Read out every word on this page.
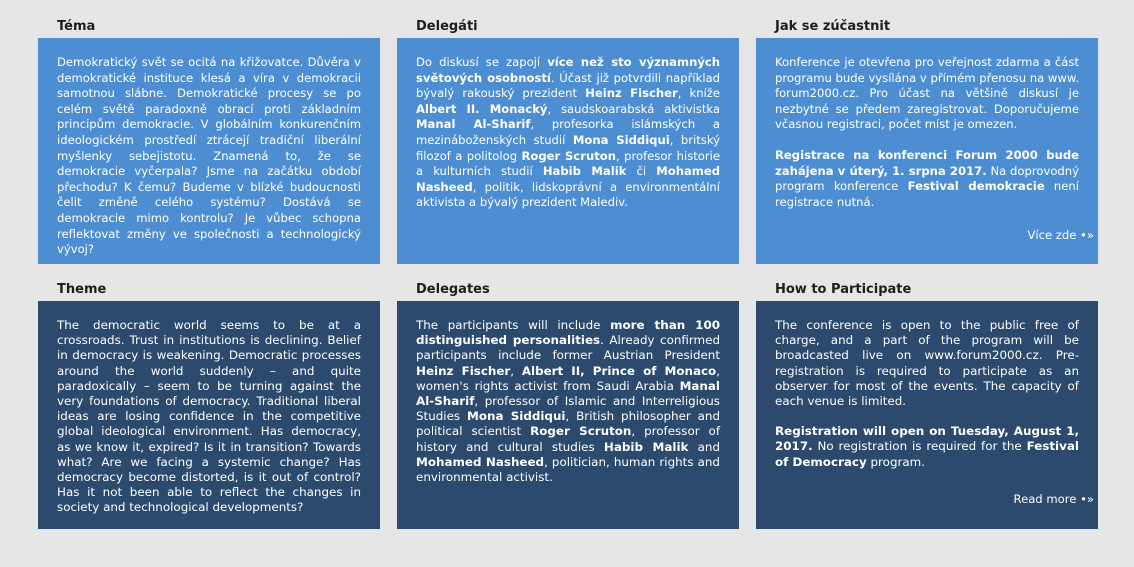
Téma

Demokratický svět se ocitá na křižovatce. Důvěra v demokratické instituce klesá a víra v demokracii samotnou slábne. Demokratické procesy se po celém světě paradoxně obrací proti základním principům demokracie. V globálním konkurenčním ideologickém prostředí ztrácejí tradiční liberální myšlenky sebejistotu. Znamená to, že se demokracie vyčerpala? Jsme na začátku období přechodu? K čemu? Budeme v blízké budoucnosti čelit změně celého systému? Dostává se demokracie mimo kontrolu? Je vůbec schopna reflektovat změny ve společnosti a technologický vývoj?

Delegáti

Do diskusí se zapojí více než sto významných světových osobností. Účast již potvrdili například bývalý rakouský prezident Heinz Fischer, kníže Albert II. Monacký, saudskoarabská aktivistka Manal Al-Sharif, profesorka islámských a mezináboženských studií Mona Siddiqui, britský filozof a politolog Roger Scruton, profesor historie a kulturních studií Habib Malik či Mohamed Nasheed, politik, lidskoprávní a environmentální aktivista a bývalý prezident Malediv.

Jak se zúčastnit

Konference je otevřena pro veřejnost zdarma a část programu bude vysílána v přímém přenosu na www. forum2000.cz. Pro účast na většině diskusí je nezbytné se předem zaregistrovat. Doporučujeme včasnou registraci, počet míst je omezen.

Registrace na konferenci Forum 2000 bude zahájena v úterý, 1. srpna 2017. Na doprovodný program konference Festival demokracie není registrace nutná.

Více zde •»
Theme

The democratic world seems to be at a crossroads. Trust in institutions is declining. Belief in democracy is weakening. Democratic processes around the world suddenly – and quite paradoxically – seem to be turning against the very foundations of democracy. Traditional liberal ideas are losing confidence in the competitive global ideological environment. Has democracy, as we know it, expired? Is it in transition? Towards what? Are we facing a systemic change? Has democracy become distorted, is it out of control? Has it not been able to reflect the changes in society and technological developments?

Delegates

The participants will include more than 100 distinguished personalities. Already confirmed participants include former Austrian President Heinz Fischer, Albert II, Prince of Monaco, women's rights activist from Saudi Arabia Manal Al-Sharif, professor of Islamic and Interreligious Studies Mona Siddiqui, British philosopher and political scientist Roger Scruton, professor of history and cultural studies Habib Malik and Mohamed Nasheed, politician, human rights and environmental activist.

How to Participate

The conference is open to the public free of charge, and a part of the program will be broadcasted live on www.forum2000.cz. Pre-registration is required to participate as an observer for most of the events. The capacity of each venue is limited.

Registration will open on Tuesday, August 1, 2017. No registration is required for the Festival of Democracy program.

Read more •»
